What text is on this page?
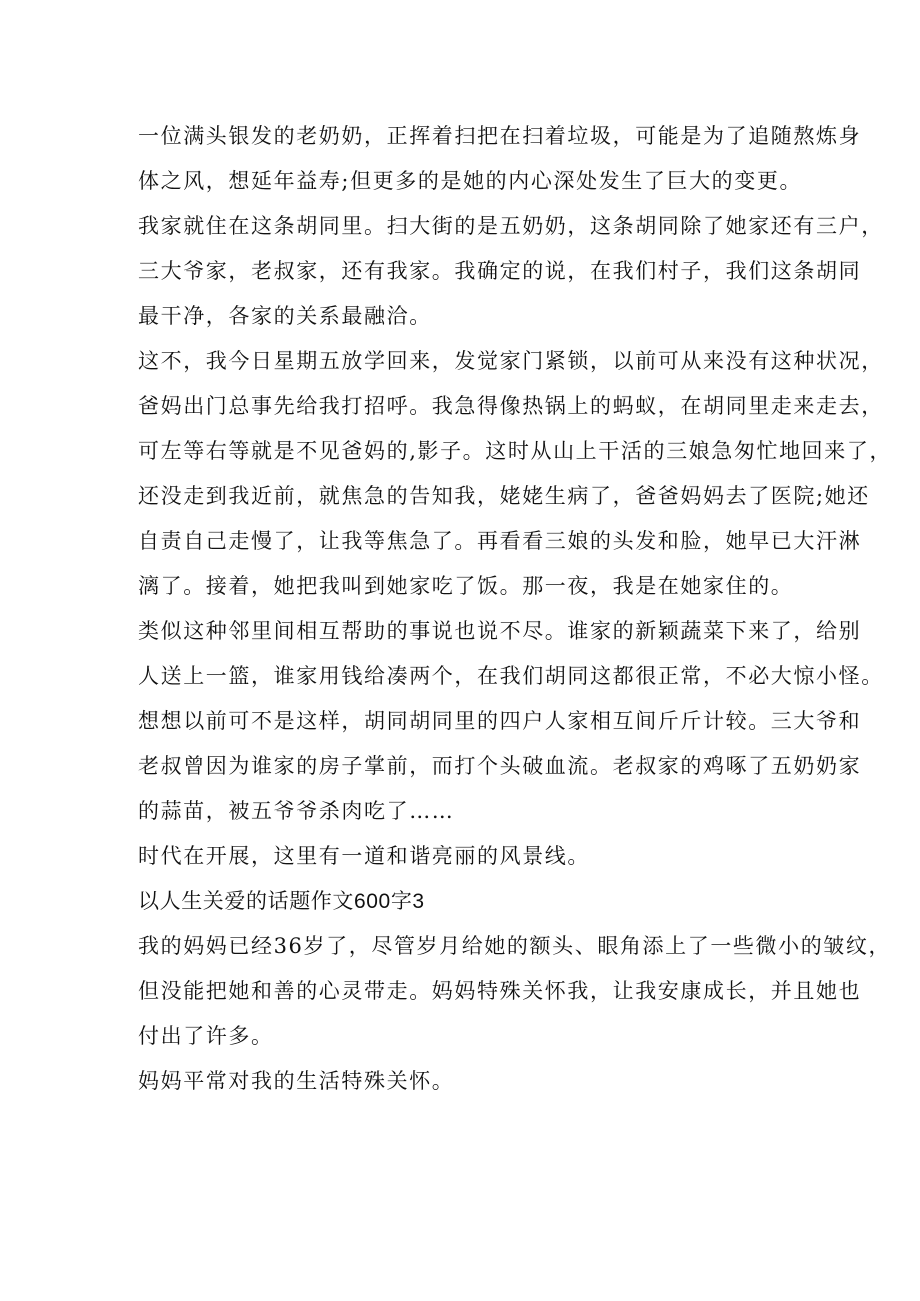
一位满头银发的老奶奶，正挥着扫把在扫着垃圾，可能是为了追随熬炼身
体之风，想延年益寿;但更多的是她的内心深处发生了巨大的变更。
我家就住在这条胡同里。扫大街的是五奶奶，这条胡同除了她家还有三户，
三大爷家，老叔家，还有我家。我确定的说，在我们村子，我们这条胡同
最干净，各家的关系最融洽。
这不，我今日星期五放学回来，发觉家门紧锁，以前可从来没有这种状况，
爸妈出门总事先给我打招呼。我急得像热锅上的蚂蚁，在胡同里走来走去，
可左等右等就是不见爸妈的,影子。这时从山上干活的三娘急匆忙地回来了，
还没走到我近前，就焦急的告知我，姥姥生病了，爸爸妈妈去了医院;她还
自责自己走慢了，让我等焦急了。再看看三娘的头发和脸，她早已大汗淋
漓了。接着，她把我叫到她家吃了饭。那一夜，我是在她家住的。
类似这种邻里间相互帮助的事说也说不尽。谁家的新颖蔬菜下来了，给别
人送上一篮，谁家用钱给凑两个，在我们胡同这都很正常，不必大惊小怪。
想想以前可不是这样，胡同胡同里的四户人家相互间斤斤计较。三大爷和
老叔曾因为谁家的房子掌前，而打个头破血流。老叔家的鸡啄了五奶奶家
的蒜苗，被五爷爷杀肉吃了……
时代在开展，这里有一道和谐亮丽的风景线。
以人生关爱的话题作文600字3
我的妈妈已经36岁了，尽管岁月给她的额头、眼角添上了一些微小的皱纹，
但没能把她和善的心灵带走。妈妈特殊关怀我，让我安康成长，并且她也
付出了许多。
妈妈平常对我的生活特殊关怀。
